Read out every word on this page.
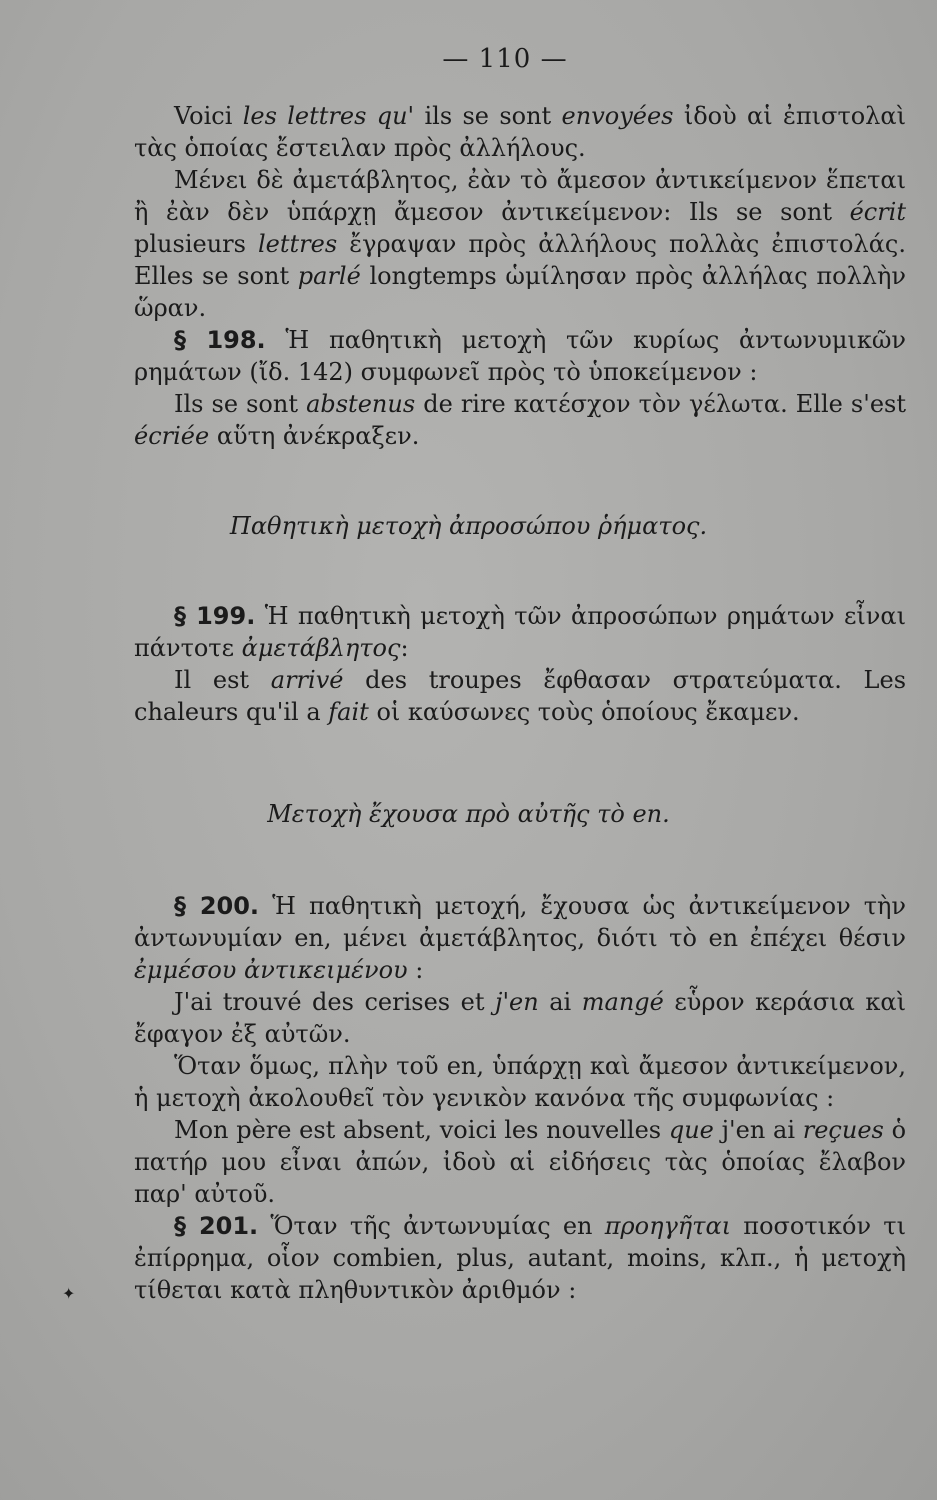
— 110 —

Voici les lettres qu' ils se sont envoyées ἰδοὺ αἱ ἐπιστολαὶ τὰς ὁποίας ἔστειλαν πρὸς ἀλλήλους.

Μένει δὲ ἀμετάβλητος, ἐὰν τὸ ἄμεσον ἀντικείμενον ἕπεται ἢ ἐὰν δὲν ὑπάρχῃ ἄμεσον ἀντικείμενον: Ils se sont écrit plusieurs lettres ἔγραψαν πρὸς ἀλλήλους πολλὰς ἐπιστολάς. Elles se sont parlé longtemps ὡμίλησαν πρὸς ἀλλήλας πολλὴν ὥραν.

§ 198. Ἡ παθητικὴ μετοχὴ τῶν κυρίως ἀντωνυμικῶν ρημάτων (ἴδ. 142) συμφωνεῖ πρὸς τὸ ὑποκείμενον :

Ils se sont abstenus de rire κατέσχον τὸν γέλωτα. Elle s'est écriée αὕτη ἀνέκραξεν.

Παθητικὴ μετοχὴ ἀπροσώπου ῥήματος.

§ 199. Ἡ παθητικὴ μετοχὴ τῶν ἀπροσώπων ρημάτων εἶναι πάντοτε ἀμετάβλητος:

Il est arrivé des troupes ἔφθασαν στρατεύματα. Les chaleurs qu'il a fait οἱ καύσωνες τοὺς ὁποίους ἔκαμεν.

Μετοχὴ ἔχουσα πρὸ αὐτῆς τὸ en.

§ 200. Ἡ παθητικὴ μετοχή, ἔχουσα ὡς ἀντικείμενον τὴν ἀντωνυμίαν en, μένει ἀμετάβλητος, διότι τὸ en ἐπέχει θέσιν ἐμμέσου ἀντικειμένου :

J'ai trouvé des cerises et j'en ai mangé εὗρον κεράσια καὶ ἔφαγον ἐξ αὐτῶν.

Ὅταν ὅμως, πλὴν τοῦ en, ὑπάρχῃ καὶ ἄμεσον ἀντικείμενον, ἡ μετοχὴ ἀκολουθεῖ τὸν γενικὸν κανόνα τῆς συμφωνίας :

Mon père est absent, voici les nouvelles que j'en ai reçues ὁ πατήρ μου εἶναι ἀπών, ἰδοὺ αἱ εἰδήσεις τὰς ὁποίας ἔλαβον παρ' αὐτοῦ.

§ 201. Ὅταν τῆς ἀντωνυμίας en προηγῆται ποσοτικόν τι ἐπίρρημα, οἷον combien, plus, autant, moins, κλπ., ἡ μετοχὴ τίθεται κατὰ πληθυντικὸν ἀριθμόν :

✦
